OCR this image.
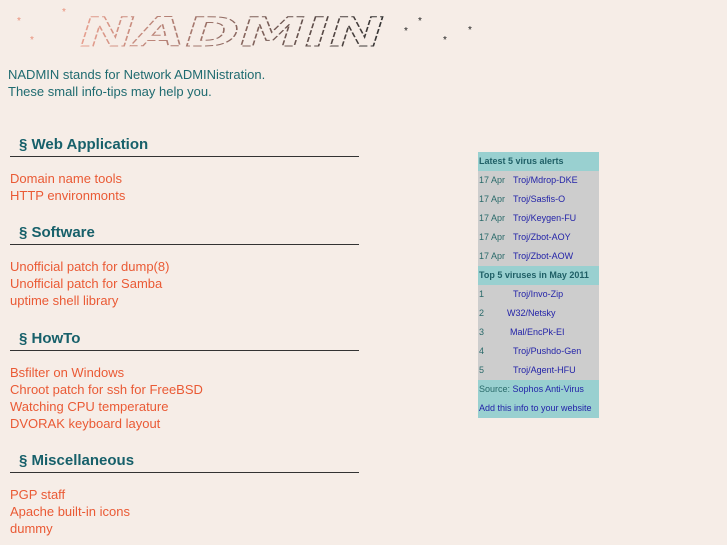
*
*
*
*
*
*
*
NADMIN
NADMIN stands for Network ADMINistration.
These small info-tips may help you.
§ Web Application
Domain name tools
HTTP environmonts
§ Software
Unofficial patch for dump(8)
Unofficial patch for Samba
uptime shell library
§ HowTo
Bsfilter on Windows
Chroot patch for ssh for FreeBSD
Watching CPU temperature
DVORAK keyboard layout
§ Miscellaneous
PGP staff
Apache built-in icons
dummy
Latest 5 virus alerts
17 Apr Troj/Mdrop-DKE
17 Apr Troj/Sasfis-O
17 Apr Troj/Keygen-FU
17 Apr Troj/Zbot-AOY
17 Apr Troj/Zbot-AOW
Top 5 viruses in May 2011
1	Troj/Invo-Zip
2	W32/Netsky
3	Mal/EncPk-EI
4	Troj/Pushdo-Gen
5	Troj/Agent-HFU
Source: Sophos Anti-Virus
Add this info to your website
